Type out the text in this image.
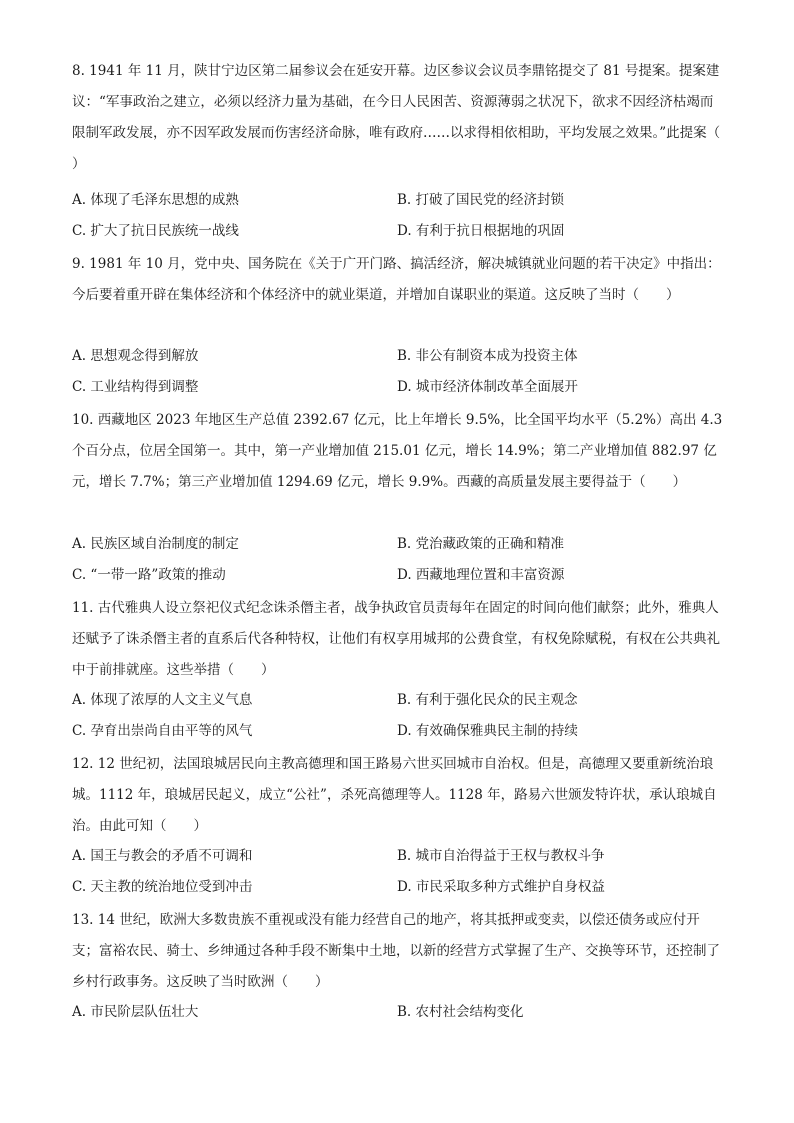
8. 1941 年 11 月，陕甘宁边区第二届参议会在延安开幕。边区参议会议员李鼎铭提交了 81 号提案。提案建议：“军事政治之建立，必须以经济力量为基础，在今日人民困苦、资源薄弱之状况下，欲求不因经济枯竭而限制军政发展，亦不因军政发展而伤害经济命脉，唯有政府……以求得相依相助，平均发展之效果。”此提案（　　）
A. 体现了毛泽东思想的成熟	B. 打破了国民党的经济封锁
C. 扩大了抗日民族统一战线	D. 有利于抗日根据地的巩固
9. 1981 年 10 月，党中央、国务院在《关于广开门路、搞活经济，解决城镇就业问题的若干决定》中指出：今后要着重开辟在集体经济和个体经济中的就业渠道，并增加自谋职业的渠道。这反映了当时（　　）
A. 思想观念得到解放	B. 非公有制资本成为投资主体
C. 工业结构得到调整	D. 城市经济体制改革全面展开
10. 西藏地区 2023 年地区生产总值 2392.67 亿元，比上年增长 9.5%，比全国平均水平（5.2%）高出 4.3 个百分点，位居全国第一。其中，第一产业增加值 215.01 亿元，增长 14.9%；第二产业增加值 882.97 亿元，增长 7.7%；第三产业增加值 1294.69 亿元，增长 9.9%。西藏的高质量发展主要得益于（　　）
A. 民族区域自治制度的制定	B. 党治藏政策的正确和精准
C. “一带一路”政策的推动	D. 西藏地理位置和丰富资源
11. 古代雅典人设立祭祀仪式纪念诛杀僭主者，战争执政官员责每年在固定的时间向他们献祭；此外，雅典人还赋予了诛杀僭主者的直系后代各种特权，让他们有权享用城邦的公费食堂，有权免除赋税，有权在公共典礼中于前排就座。这些举措（　　）
A. 体现了浓厚的人文主义气息	B. 有利于强化民众的民主观念
C. 孕育出崇尚自由平等的风气	D. 有效确保雅典民主制的持续
12. 12 世纪初，法国琅城居民向主教高德理和国王路易六世买回城市自治权。但是，高德理又要重新统治琅城。1112 年，琅城居民起义，成立“公社”，杀死高德理等人。1128 年，路易六世颁发特许状，承认琅城自治。由此可知（　　）
A. 国王与教会的矛盾不可调和	B. 城市自治得益于王权与教权斗争
C. 天主教的统治地位受到冲击	D. 市民采取多种方式维护自身权益
13. 14 世纪，欧洲大多数贵族不重视或没有能力经营自己的地产，将其抵押或变卖，以偿还债务或应付开支；富裕农民、骑士、乡绅通过各种手段不断集中土地，以新的经营方式掌握了生产、交换等环节，还控制了乡村行政事务。这反映了当时欧洲（　　）
A. 市民阶层队伍壮大	B. 农村社会结构变化
